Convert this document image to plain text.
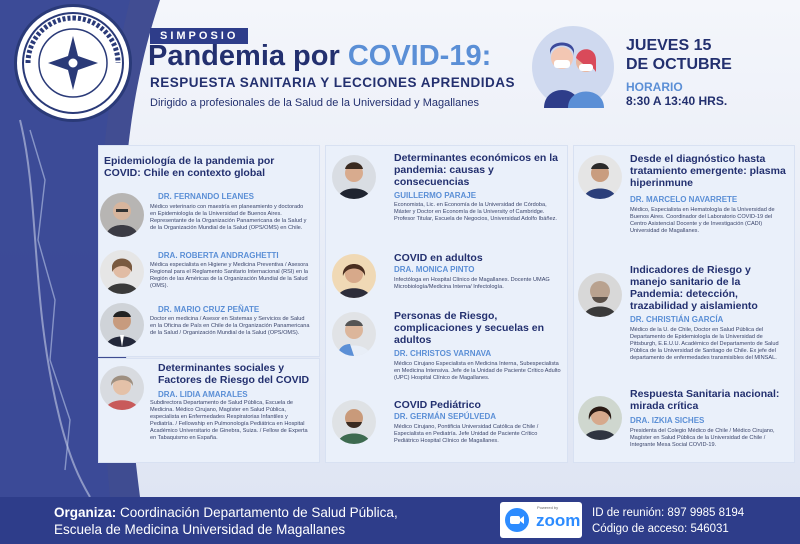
SIMPOSIO
Pandemia por COVID-19:
RESPUESTA SANITARIA Y LECCIONES APRENDIDAS
Dirigido a profesionales de la Salud de la Universidad y Magallanes
JUEVES 15
DE OCTUBRE
HORARIO
8:30 A 13:40 HRS.
Epidemiología de la pandemia por COVID: Chile en contexto global
DR. FERNANDO LEANES
Médico veterinario con maestría en planeamiento y doctorado en Epidemiología de la Universidad de Buenos Aires. Representante de la Organización Panamericana de la Salud y de la Organización Mundial de la Salud (OPS/OMS) en Chile.
DRA. ROBERTA ANDRAGHETTI
Médica especialista en Higiene y Medicina Preventiva / Asesora Regional para el Reglamento Sanitario Internacional (RSI) en la Región de las Américas de la Organización Mundial de la Salud (OMS).
DR. MARIO CRUZ PEÑATE
Doctor en medicina / Asesor en Sistemas y Servicios de Salud en la Oficina de País en Chile de la Organización Panamericana de la Salud / Organización Mundial de la Salud (OPS/OMS).
Determinantes sociales y Factores de Riesgo del COVID
DRA. LIDIA AMARALES
Subdirectora Departamento de Salud Pública, Escuela de Medicina. Médico Cirujano, Magíster en Salud Pública, especialista en Enfermedades Respiratorias Infantiles y Pediatría. / Fellowship en Pulmonología Pediátrica en Hospital Académico Universitario de Ginebra, Suiza. / Fellow de Experta en Tabaquismo en España.
Determinantes económicos en la pandemia: causas y consecuencias
GUILLERMO PARAJE
Economista, Lic. en Economía de la Universidad de Córdoba, Máster y Doctor en Economía de la University of Cambridge. Profesor Titular, Escuela de Negocios, Universidad Adolfo Ibáñez.
COVID en adultos
DRA. MONICA PINTO
Infectóloga en Hospital Clínico de Magallanes. Docente UMAG Microbiología/Medicina Interna/ Infectología.
Personas de Riesgo, complicaciones y secuelas en adultos
DR. CHRISTOS VARNAVA
Médico Cirujano Especialista en Medicina Interna, Subespecialista en Medicina Intensiva. Jefe de la Unidad de Paciente Crítico Adulto (UPC) Hospital Clínico de Magallanes.
COVID Pediátrico
DR. GERMÁN SEPÚLVEDA
Médico Cirujano, Pontificia Universidad Católica de Chile / Especialista en Pediatría. Jefe Unidad de Paciente Crítico Pediátrico Hospital Clínico de Magallanes.
Desde el diagnóstico hasta tratamiento emergente: plasma hiperinmune
DR. MARCELO NAVARRETE
Médico, Especialista en Hematología de la Universidad de Buenos Aires. Coordinador del Laboratorio COVID-19 del Centro Asistencial Docente y de Investigación (CADI) Universidad de Magallanes.
Indicadores de Riesgo y manejo sanitario de la Pandemia: detección, trazabilidad y aislamiento
DR. CHRISTIÁN GARCÍA
Médico de la U. de Chile, Doctor en Salud Pública del Departamento de Epidemiología de la Universidad de Pittsburgh, E.E.U.U. Académico del Departamento de Salud Pública de la Universidad de Santiago de Chile. Ex jefe del departamento de enfermedades transmisibles del MINSAL.
Respuesta Sanitaria nacional: mirada crítica
DRA. IZKIA SICHES
Presidenta del Colegio Médico de Chile / Médico Cirujano, Magíster en Salud Pública de la Universidad de Chile / Integrante Mesa Social COVID-19.
Organiza: Coordinación Departamento de Salud Pública,
Escuela de Medicina Universidad de Magallanes
Powered by
zoom ID de reunión: 897 9985 8194
Código de acceso: 546031
